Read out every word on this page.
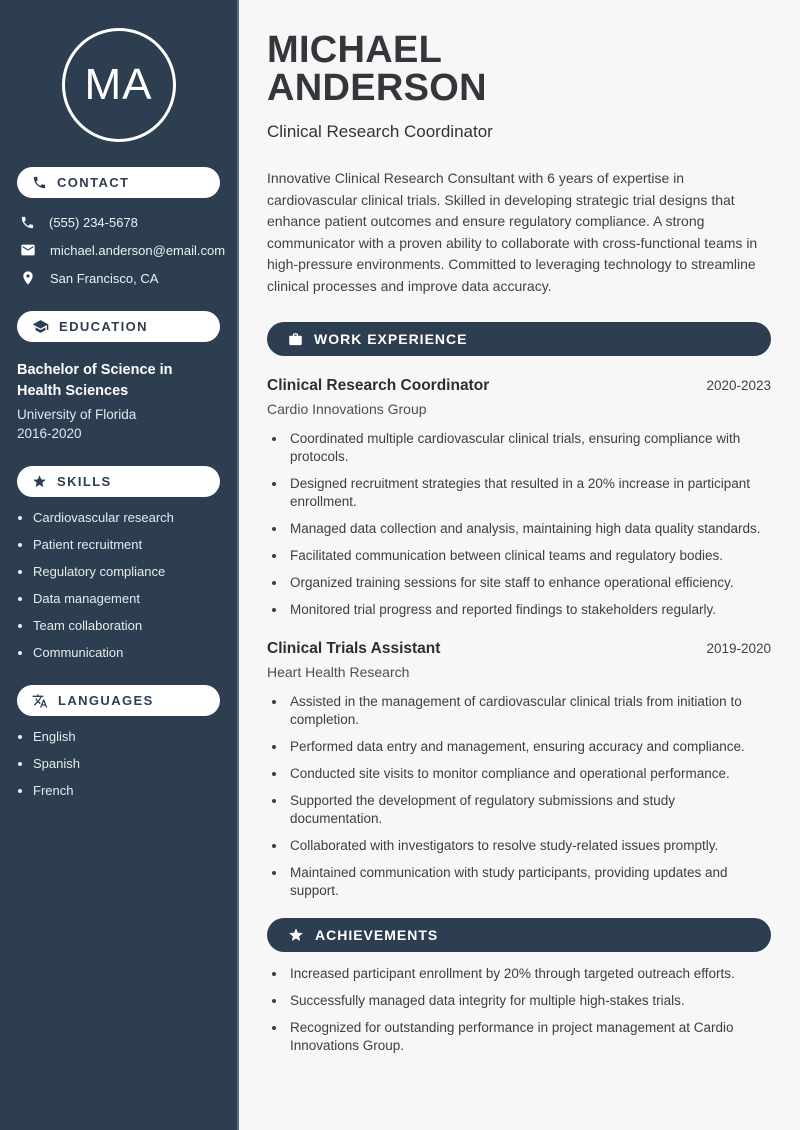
MA
CONTACT
(555) 234-5678
michael.anderson@email.com
San Francisco, CA
EDUCATION
Bachelor of Science in Health Sciences
University of Florida
2016-2020
SKILLS
• Cardiovascular research
• Patient recruitment
• Regulatory compliance
• Data management
• Team collaboration
• Communication
LANGUAGES
• English
• Spanish
• French
MICHAEL ANDERSON
Clinical Research Coordinator

Innovative Clinical Research Consultant with 6 years of expertise in cardiovascular clinical trials. Skilled in developing strategic trial designs that enhance patient outcomes and ensure regulatory compliance. A strong communicator with a proven ability to collaborate with cross-functional teams in high-pressure environments. Committed to leveraging technology to streamline clinical processes and improve data accuracy.

WORK EXPERIENCE
Clinical Research Coordinator	2020-2023
Cardio Innovations Group
• Coordinated multiple cardiovascular clinical trials, ensuring compliance with protocols.
• Designed recruitment strategies that resulted in a 20% increase in participant enrollment.
• Managed data collection and analysis, maintaining high data quality standards.
• Facilitated communication between clinical teams and regulatory bodies.
• Organized training sessions for site staff to enhance operational efficiency.
• Monitored trial progress and reported findings to stakeholders regularly.
Clinical Trials Assistant	2019-2020
Heart Health Research
• Assisted in the management of cardiovascular clinical trials from initiation to completion.
• Performed data entry and management, ensuring accuracy and compliance.
• Conducted site visits to monitor compliance and operational performance.
• Supported the development of regulatory submissions and study documentation.
• Collaborated with investigators to resolve study-related issues promptly.
• Maintained communication with study participants, providing updates and support.
ACHIEVEMENTS
• Increased participant enrollment by 20% through targeted outreach efforts.
• Successfully managed data integrity for multiple high-stakes trials.
• Recognized for outstanding performance in project management at Cardio Innovations Group.
